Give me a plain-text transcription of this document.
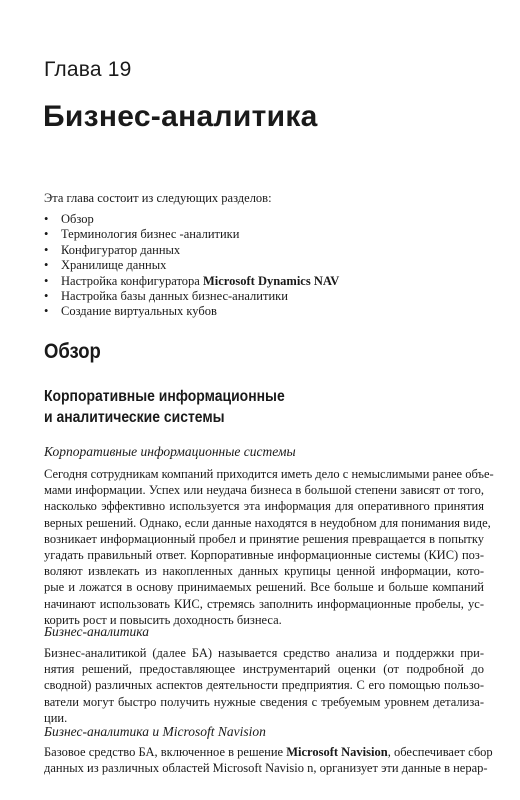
Глава 19
Бизнес-аналитика
Эта глава состоит из следующих разделов:
• Обзор
• Терминология бизнес -аналитики
• Конфигуратор данных
• Хранилище данных
• Настройка конфигуратора Microsoft Dynamics NAV
• Настройка базы данных бизнес-аналитики
• Создание виртуальных кубов
Обзор
Корпоративные информационные
и аналитические системы
Корпоративные информационные системы
Сегодня сотрудникам компаний приходится иметь дело с немыслимыми ранее объе-
мами информации. Успех или неудача бизнеса в большой степени зависят от того,
насколько эффективно используется эта информация для оперативного принятия
верных решений. Однако, если данные находятся в неудобном для понимания виде,
возникает информационный пробел и принятие решения превращается в попытку
угадать правильный ответ. Корпоративные информационные системы (КИС) поз-
воляют извлекать из накопленных данных крупицы ценной информации, кото-
рые и ложатся в основу принимаемых решений. Все больше и больше компаний
начинают использовать КИС, стремясь заполнить информационные пробелы, ус-
корить рост и повысить доходность бизнеса.
Бизнес-аналитика
Бизнес-аналитикой (далее БА) называется средство анализа и поддержки при-
нятия решений, предоставляющее инструментарий оценки (от подробной до
сводной) различных аспектов деятельности предприятия. С его помощью пользо-
ватели могут быстро получить нужные сведения с требуемым уровнем детализа-
ции.
Бизнес-аналитика и Microsoft Navision
Базовое средство БА, включенное в решение Microsoft Navision, обеспечивает сбор
данных из различных областей Microsoft Navisio n, организует эти данные в нерар-
